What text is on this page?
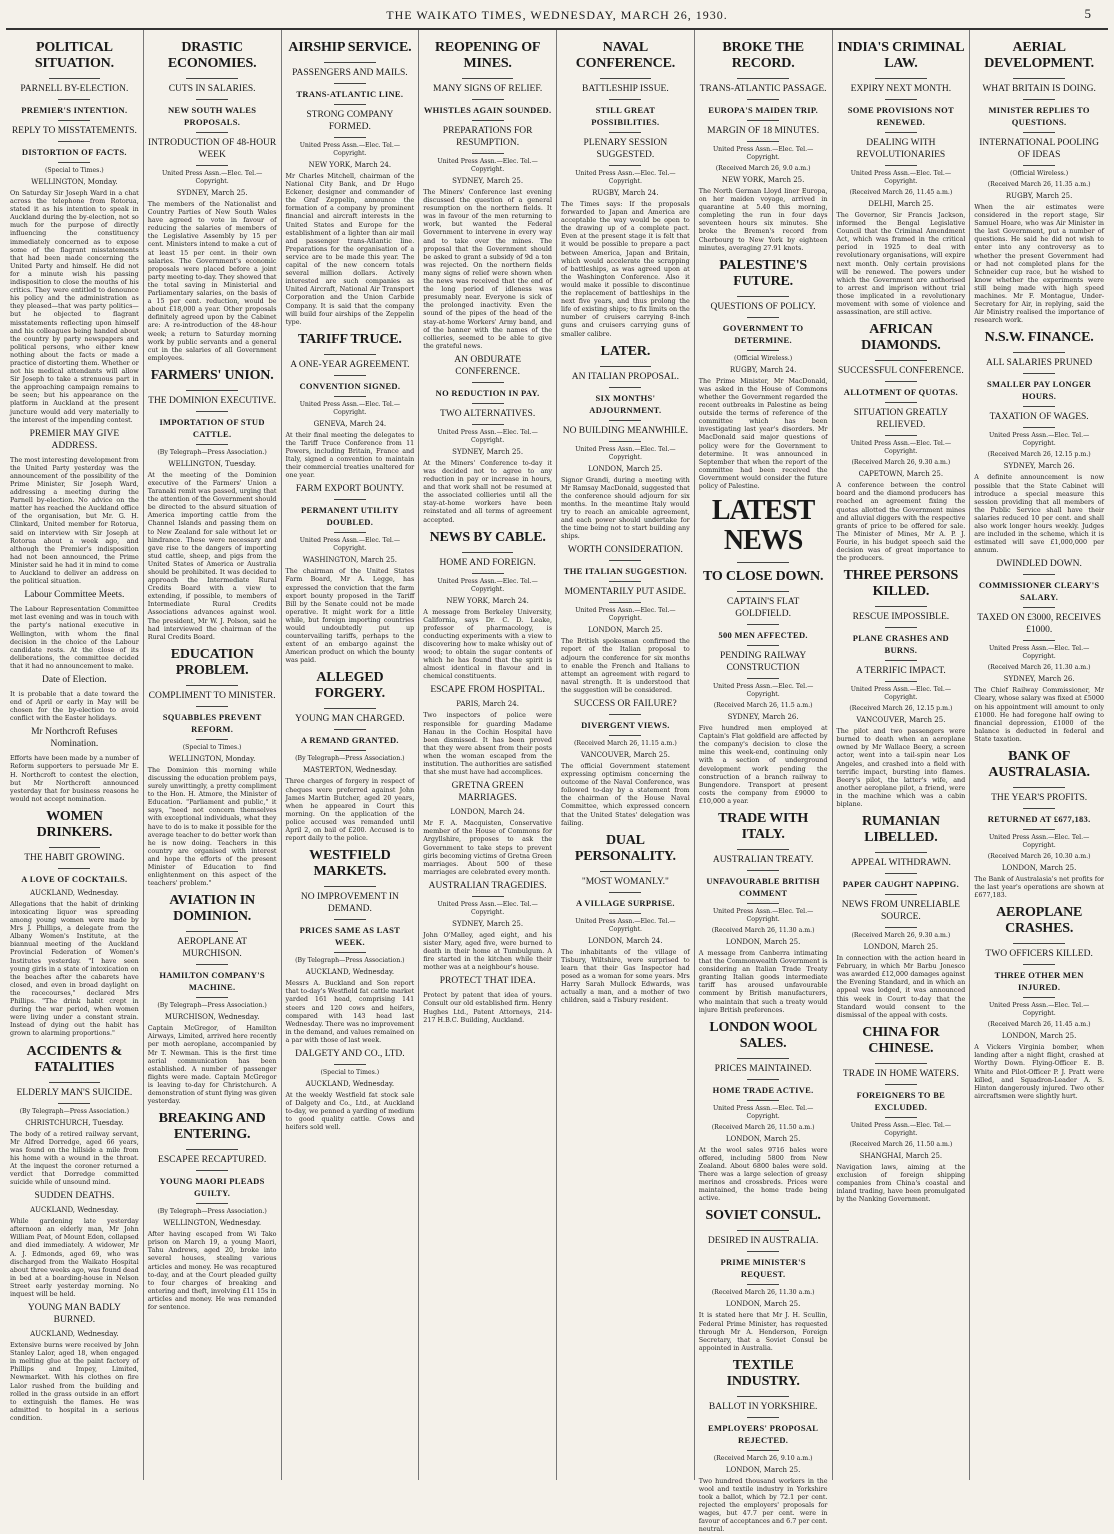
THE WAIKATO TIMES, WEDNESDAY, MARCH 26, 1930.	5
POLITICAL SITUATION.
PARNELL BY-ELECTION.
PREMIER'S INTENTION.
REPLY TO MISSTATEMENTS.
DISTORTION OF FACTS.
(Special to Times.)
WELLINGTON, Monday.

On Saturday Sir Joseph Ward in a chat across the telephone from Rotorua, stated it as his intention to speak in Auckland during the by-election, not so much for the purpose of directly influencing the constituency immediately concerned as to expose some of the flagrant misstatements that had been made concerning the United Party and himself. He did not for a minute wish his passing indisposition to close the mouths of his critics. They were entitled to denounce his policy and the administration as they pleased—that was party politics—but he objected to flagrant misstatements reflecting upon himself and his colleagues being handed about the country by party newspapers and political persons, who either knew nothing about the facts or made a practice of distorting them. Whether or not his medical attendants will allow Sir Joseph to take a strenuous part in the approaching campaign remains to be seen; but his appearance on the platform in Auckland at the present juncture would add very materially to the interest of the impending contest.

PREMIER MAY GIVE ADDRESS.

The most interesting development from the United Party yesterday was the announcement of the possibility of the Prime Minister, Sir Joseph Ward, addressing a meeting during the Parnell by-election. No advice on the matter has reached the Auckland office of the organisation, but Mr. G. H. Clinkard, United member for Rotorua, said on interview with Sir Joseph at Rotorua about a week ago, and although the Premier's indisposition had not been announced, the Prime Minister said he had it in mind to come to Auckland to deliver an address on the political situation.

Labour Committee Meets.

The Labour Representation Committee met last evening and was in touch with the party's national executive in Wellington, with whom the final decision in the choice of the Labour candidate rests. At the close of its deliberations, the committee decided that it had no announcement to make.

Date of Election.

It is probable that a date toward the end of April or early in May will be chosen for the by-election to avoid conflict with the Easter holidays.

Mr Northcroft Refuses Nomination.

Efforts have been made by a number of Reform supporters to persuade Mr E. H. Northcroft to contest the election, but Mr Northcroft announced yesterday that for business reasons he would not accept nomination.

WOMEN DRINKERS.
THE HABIT GROWING.
A LOVE OF COCKTAILS.
AUCKLAND, Wednesday.

Allegations that the habit of drinking intoxicating liquor was spreading among young women were made by Mrs J. Phillips, a delegate from the Albany Women's Institute, at the biannual meeting of the Auckland Provincial Federation of Women's Institutes yesterday. "I have seen young girls in a state of intoxication on the beaches after the cabarets have closed, and even in broad daylight on the racecourses," declared Mrs Phillips. "The drink habit crept in during the war period, when women were living under a constant strain. Instead of dying out the habit has grown to alarming proportions."

ACCIDENTS & FATALITIES
ELDERLY MAN'S SUICIDE.
(By Telegraph—Press Association.)
CHRISTCHURCH, Tuesday.

The body of a retired railway servant, Mr Alfred Dorredge, aged 66 years, was found on the hillside a mile from his home with a wound in the throat. At the inquest the coroner returned a verdict that Dorredge committed suicide while of unsound mind.

SUDDEN DEATHS.
AUCKLAND, Wednesday.

While gardening late yesterday afternoon an elderly man, Mr John William Peat, of Mount Eden, collapsed and died immediately. A widower, Mr A. J. Edmonds, aged 69, who was discharged from the Waikato Hospital about three weeks ago, was found dead in bed at a boarding-house in Nelson Street early yesterday morning. No inquest will be held.

YOUNG MAN BADLY BURNED.
AUCKLAND, Wednesday.

Extensive burns were received by John Stanley Lalor, aged 18, when engaged in melting glue at the paint factory of Phillips and Impey, Limited, Newmarket. With his clothes on fire Lalor rushed from the building and rolled in the grass outside in an effort to extinguish the flames. He was admitted to hospital in a serious condition.

DRASTIC ECONOMIES.
CUTS IN SALARIES.
NEW SOUTH WALES PROPOSALS.
INTRODUCTION OF 48-HOUR WEEK
United Press Assn.—Elec. Tel.—Copyright.
SYDNEY, March 25.

The members of the Nationalist and Country Parties of New South Wales have agreed to vote in favour of reducing the salaries of members of the Legislative Assembly by 15 per cent. Ministers intend to make a cut of at least 15 per cent. in their own salaries. The Government's economic proposals were placed before a joint party meeting to-day. They showed that the total saving in Ministerial and Parliamentary salaries, on the basis of a 15 per cent. reduction, would be about £18,000 a year. Other proposals definitely agreed upon by the Cabinet are: A re-introduction of the 48-hour week; a return to Saturday morning work by public servants and a general cut in the salaries of all Government employees.

FARMERS' UNION.
THE DOMINION EXECUTIVE.
IMPORTATION OF STUD CATTLE.
(By Telegraph—Press Association.)
WELLINGTON, Tuesday.

At the meeting of the Dominion executive of the Farmers' Union a Taranaki remit was passed, urging that the attention of the Government should be directed to the absurd situation of America importing cattle from the Channel Islands and passing them on to New Zealand for sale without let or hindrance. These were necessary and gave rise to the dangers of importing stud cattle, sheep, and pigs from the United States of America or Australia should be prohibited. It was decided to approach the Intermediate Rural Credits Board with a view to extending, if possible, to members of Intermediate Rural Credits Associations advances against wool. The president, Mr W. J. Polson, said he had interviewed the chairman of the Rural Credits Board.

EDUCATION PROBLEM.
COMPLIMENT TO MINISTER.
SQUABBLES PREVENT REFORM.
(Special to Times.)
WELLINGTON, Monday.

The Dominion this morning while discussing the education problem pays, surely unwittingly, a pretty compliment to the Hon. H. Atmore, the Minister of Education. "Parliament and public," it says, "need not concern themselves with exceptional individuals, what they have to do is to make it possible for the average teacher to do better work than he is now doing. Teachers in this country are organised with interest and hope the efforts of the present Minister of Education to find enlightenment on this aspect of the teachers' problem."

AVIATION IN DOMINION.
AEROPLANE AT MURCHISON.
HAMILTON COMPANY'S MACHINE.
(By Telegraph—Press Association.)
MURCHISON, Wednesday.

Captain McGregor, of Hamilton Airways, Limited, arrived here recently per moth aeroplane, accompanied by Mr T. Newman. This is the first time aerial communication has been established. A number of passenger flights were made. Captain McGregor is leaving to-day for Christchurch. A demonstration of stunt flying was given yesterday.

BREAKING AND ENTERING.
ESCAPEE RECAPTURED.
YOUNG MAORI PLEADS GUILTY.
(By Telegraph—Press Association.)
WELLINGTON, Wednesday.

After having escaped from Wi Tako prison on March 19, a young Maori, Tahu Andrews, aged 20, broke into several houses, stealing various articles and money. He was recaptured to-day, and at the Court pleaded guilty to four charges of breaking and entering and theft, involving £11 15s in articles and money. He was remanded for sentence.

AIRSHIP SERVICE.
PASSENGERS AND MAILS.
TRANS-ATLANTIC LINE.
STRONG COMPANY FORMED.
United Press Assn.—Elec. Tel.—Copyright.
NEW YORK, March 24.

Mr Charles Mitchell, chairman of the National City Bank, and Dr Hugo Eckener, designer and commander of the Graf Zeppelin, announce the formation of a company by prominent financial and aircraft interests in the United States and Europe for the establishment of a lighter than air mail and passenger trans-Atlantic line. Preparations for the organisation of a service are to be made this year. The capital of the new concern totals several million dollars. Actively interested are such companies as United Aircraft, National Air Transport Corporation and the Union Carbide Company. It is said that the company will build four airships of the Zeppelin type.

TARIFF TRUCE.
A ONE-YEAR AGREEMENT.
CONVENTION SIGNED.
United Press Assn.—Elec. Tel.—Copyright.
GENEVA, March 24.

At their final meeting the delegates to the Tariff Truce Conference from 11 Powers, including Britain, France and Italy, signed a convention to maintain their commercial treaties unaltered for one year.

FARM EXPORT BOUNTY.
PERMANENT UTILITY DOUBLED.
United Press Assn.—Elec. Tel.—Copyright.
WASHINGTON, March 25.

The chairman of the United States Farm Board, Mr A. Legge, has expressed the conviction that the farm export bounty proposed in the Tariff Bill by the Senate could not be made operative. It might work for a little while, but foreign importing countries would undoubtedly put up countervailing tariffs, perhaps to the extent of an embargo against the American product on which the bounty was paid.

ALLEGED FORGERY.
YOUNG MAN CHARGED.
A REMAND GRANTED.
(By Telegraph—Press Association.)
MASTERTON, Wednesday.

Three charges of forgery in respect of cheques were preferred against John James Martin Butcher, aged 20 years, when he appeared in Court this morning. On the application of the police accused was remanded until April 2, on bail of £200. Accused is to report daily to the police.

WESTFIELD MARKETS.
NO IMPROVEMENT IN DEMAND.
PRICES SAME AS LAST WEEK.
(By Telegraph—Press Association.)
AUCKLAND, Wednesday.

Messrs A. Buckland and Son report that to-day's Westfield fat cattle market yarded 161 head, comprising 141 steers and 120 cows and heifers, compared with 143 head last Wednesday. There was no improvement in the demand, and values remained on a par with those of last week.

DALGETY AND CO., LTD.
(Special to Times.)
AUCKLAND, Wednesday.

At the weekly Westfield fat stock sale of Dalgety and Co., Ltd., at Auckland to-day, we penned a yarding of medium to good quality cattle. Cows and heifers sold well.

REOPENING OF MINES.
MANY SIGNS OF RELIEF.
WHISTLES AGAIN SOUNDED.
PREPARATIONS FOR RESUMPTION.
United Press Assn.—Elec. Tel.—Copyright.
SYDNEY, March 25.

The Miners' Conference last evening discussed the question of a general resumption on the northern fields. It was in favour of the men returning to work, but wanted the Federal Government to intervene in every way and to take over the mines. The proposal that the Government should be asked to grant a subsidy of 9d a ton was rejected. On the northern fields many signs of relief were shown when the news was received that the end of the long period of idleness was presumably near. Everyone is sick of the prolonged inactivity. Even the sound of the pipes of the head of the stay-at-home Workers' Army band, and of the banner with the names of the collieries, seemed to be able to give the grateful news.

AN OBDURATE CONFERENCE.
NO REDUCTION IN PAY.
TWO ALTERNATIVES.
United Press Assn.—Elec. Tel.—Copyright.
SYDNEY, March 25.

At the Miners' Conference to-day it was decided not to agree to any reduction in pay or increase in hours, and that work shall not be resumed at the associated collieries until all the stay-at-home workers have been reinstated and all terms of agreement accepted.

NEWS BY CABLE.
HOME AND FOREIGN.
United Press Assn.—Elec. Tel.—Copyright.
NEW YORK, March 24.

A message from Berkeley University, California, says Dr. C. D. Leake, professor of pharmacology, is conducting experiments with a view to discovering how to make whisky out of wood; to obtain the sugar contents of which he has found that the spirit is almost identical in flavour and in chemical constituents.

ESCAPE FROM HOSPITAL.
PARIS, March 24.

Two inspectors of police were responsible for guarding Madame Hanau in the Cochin Hospital have been dismissed. It has been proved that they were absent from their posts when the woman escaped from the institution. The authorities are satisfied that she must have had accomplices.

GRETNA GREEN MARRIAGES.
LONDON, March 24.

Mr F. A. Macquisten, Conservative member of the House of Commons for Argyllshire, proposes to ask the Government to take steps to prevent girls becoming victims of Gretna Green marriages. About 500 of these marriages are celebrated every month.

AUSTRALIAN TRAGEDIES.
United Press Assn.—Elec. Tel.—Copyright.
SYDNEY, March 25.

John O'Malley, aged eight, and his sister Mary, aged five, were burned to death in their home at Tumbulgum. A fire started in the kitchen while their mother was at a neighbour's house.

PROTECT THAT IDEA.

Protect by patent that idea of yours. Consult our old established firm. Henry Hughes Ltd., Patent Attorneys, 214-217 H.B.C. Building, Auckland.

NAVAL CONFERENCE.
BATTLESHIP ISSUE.
STILL GREAT POSSIBILITIES.
PLENARY SESSION SUGGESTED.
United Press Assn.—Elec. Tel.—Copyright.
RUGBY, March 24.

The Times says: If the proposals forwarded to Japan and America are acceptable the way would be open to the drawing up of a complete pact. Even at the present stage it is felt that it would be possible to prepare a pact between America, Japan and Britain, which would accelerate the scrapping of battleships, as was agreed upon at the Washington Conference. Also it would make it possible to discontinue the replacement of battleships in the next five years, and thus prolong the life of existing ships; to fix limits on the number of cruisers carrying 8-inch guns and cruisers carrying guns of smaller calibre.

LATER.
AN ITALIAN PROPOSAL.
SIX MONTHS' ADJOURNMENT.
NO BUILDING MEANWHILE.
United Press Assn.—Elec. Tel.—Copyright.
LONDON, March 25.

Signor Grandi, during a meeting with Mr Ramsay MacDonald, suggested that the conference should adjourn for six months. In the meantime Italy would try to reach an amicable agreement, and each power should undertake for the time being not to start building any ships.

WORTH CONSIDERATION.
THE ITALIAN SUGGESTION.
MOMENTARILY PUT ASIDE.
United Press Assn.—Elec. Tel.—Copyright.
LONDON, March 25.

The British spokesman confirmed the report of the Italian proposal to adjourn the conference for six months to enable the French and Italians to attempt an agreement with regard to naval strength. It is understood that the suggestion will be considered.

SUCCESS OR FAILURE?
DIVERGENT VIEWS.
(Received March 26, 11.15 a.m.)
VANCOUVER, March 25.

The official Government statement expressing optimism concerning the outcome of the Naval Conference, was followed to-day by a statement from the chairman of the House Naval Committee, which expressed concern that the United States' delegation was failing.

DUAL PERSONALITY.
"MOST WOMANLY."
A VILLAGE SURPRISE.
United Press Assn.—Elec. Tel.—Copyright.
LONDON, March 24.

The inhabitants of the village of Tisbury, Wiltshire, were surprised to learn that their Gas Inspector had posed as a woman for some years. Mrs Harry Sarah Mullock Edwards, was actually a man, and a mother of two children, said a Tisbury resident.

BROKE THE RECORD.
TRANS-ATLANTIC PASSAGE.
EUROPA'S MAIDEN TRIP.
MARGIN OF 18 MINUTES.
United Press Assn.—Elec. Tel.—Copyright.
(Received March 26, 9.0 a.m.)
NEW YORK, March 25.

The North German Lloyd liner Europa, on her maiden voyage, arrived in quarantine at 5.40 this morning, completing the run in four days seventeen hours six minutes. She broke the Bremen's record from Cherbourg to New York by eighteen minutes, averaging 27.91 knots.

PALESTINE'S FUTURE.
QUESTIONS OF POLICY.
GOVERNMENT TO DETERMINE.
(Official Wireless.)
RUGBY, March 24.

The Prime Minister, Mr MacDonald, was asked in the House of Commons whether the Government regarded the recent outbreaks in Palestine as being outside the terms of reference of the committee which has been investigating last year's disorders. Mr MacDonald said major questions of policy were for the Government to determine. It was announced in September that when the report of the committee had been received the Government would consider the future policy of Palestine.

LATEST NEWS
TO CLOSE DOWN.
CAPTAIN'S FLAT GOLDFIELD.
500 MEN AFFECTED.
PENDING RAILWAY CONSTRUCTION
United Press Assn.—Elec. Tel.—Copyright.
(Received March 26, 11.5 a.m.)
SYDNEY, March 26.

Five hundred men employed at Captain's Flat goldfield are affected by the company's decision to close the mine this week-end, continuing only with a section of underground development work pending the construction of a branch railway to Bungendore. Transport at present costs the company from £9000 to £10,000 a year.

TRADE WITH ITALY.
AUSTRALIAN TREATY.
UNFAVOURABLE BRITISH COMMENT
United Press Assn.—Elec. Tel.—Copyright.
(Received March 26, 11.30 a.m.)
LONDON, March 25.

A message from Canberra intimating that the Commonwealth Government is considering an Italian Trade Treaty granting Italian goods intermediate tariff has aroused unfavourable comment by British manufacturers, who maintain that such a treaty would injure British preferences.

LONDON WOOL SALES.
PRICES MAINTAINED.
HOME TRADE ACTIVE.
United Press Assn.—Elec. Tel.—Copyright.
(Received March 26, 11.50 a.m.)
LONDON, March 25.

At the wool sales 9716 bales were offered, including 5800 from New Zealand. About 6800 bales were sold. There was a large selection of greasy merinos and crossbreds. Prices were maintained, the home trade being active.

SOVIET CONSUL.
DESIRED IN AUSTRALIA.
PRIME MINISTER'S REQUEST.
(Received March 26, 11.30 a.m.)
LONDON, March 25.

It is stated here that Mr J. H. Scullin, Federal Prime Minister, has requested through Mr A. Henderson, Foreign Secretary, that a Soviet Consul be appointed in Australia.

TEXTILE INDUSTRY.
BALLOT IN YORKSHIRE.
EMPLOYERS' PROPOSAL REJECTED.
(Received March 26, 9.10 a.m.)
LONDON, March 25.

Two hundred thousand workers in the wool and textile industry in Yorkshire took a ballot, which by 72.1 per cent. rejected the employers' proposals for wages, but 47.7 per cent. were in favour of acceptances and 6.7 per cent. neutral.

INDIA'S CRIMINAL LAW.
EXPIRY NEXT MONTH.
SOME PROVISIONS NOT RENEWED.
DEALING WITH REVOLUTIONARIES
United Press Assn.—Elec. Tel.—Copyright.
(Received March 26, 11.45 a.m.)
DELHI, March 25.

The Governor, Sir Francis Jackson, informed the Bengal Legislative Council that the Criminal Amendment Act, which was framed in the critical period in 1925 to deal with revolutionary organisations, will expire next month. Only certain provisions will be renewed. The powers under which the Government are authorised to arrest and imprison without trial those implicated in a revolutionary movement with some of violence and assassination, are still active.

AFRICAN DIAMONDS.
SUCCESSFUL CONFERENCE.
ALLOTMENT OF QUOTAS.
SITUATION GREATLY RELIEVED.
United Press Assn.—Elec. Tel.—Copyright.
(Received March 26, 9.30 a.m.)
CAPETOWN, March 25.

A conference between the control board and the diamond producers has reached an agreement fixing the quotas allotted the Government mines and alluvial diggers with the respective grants of price to be offered for sale. The Minister of Mines, Mr A. P. J. Fourie, in his budget speech said the decision was of great importance to the producers.

THREE PERSONS KILLED.
RESCUE IMPOSSIBLE.
PLANE CRASHES AND BURNS.
A TERRIFIC IMPACT.
United Press Assn.—Elec. Tel.—Copyright.
(Received March 26, 12.15 p.m.)
VANCOUVER, March 25.

The pilot and two passengers were burned to death when an aeroplane owned by Mr Wallace Beery, a screen actor, went into a tail-spin near Los Angeles, and crashed into a field with terrific impact, bursting into flames. Beery's pilot, the latter's wife, and another aeroplane pilot, a friend, were in the machine which was a cabin biplane.

RUMANIAN LIBELLED.
APPEAL WITHDRAWN.
PAPER CAUGHT NAPPING.
NEWS FROM UNRELIABLE SOURCE.
(Received March 26, 9.30 a.m.)
LONDON, March 25.

In connection with the action heard in February, in which Mr Barbu Jonesco was awarded £12,000 damages against the Evening Standard, and in which an appeal was lodged, it was announced this week in Court to-day that the Standard would consent to the dismissal of the appeal with costs.

CHINA FOR CHINESE.
TRADE IN HOME WATERS.
FOREIGNERS TO BE EXCLUDED.
United Press Assn.—Elec. Tel.—Copyright.
(Received March 26, 11.50 a.m.)
SHANGHAI, March 25.

Navigation laws, aiming at the exclusion of foreign shipping companies from China's coastal and inland trading, have been promulgated by the Nanking Government.

AERIAL DEVELOPMENT.
WHAT BRITAIN IS DOING.
MINISTER REPLIES TO QUESTIONS.
INTERNATIONAL POOLING OF IDEAS
(Official Wireless.)
(Received March 26, 11.35 a.m.)
RUGBY, March 25.

When the air estimates were considered in the report stage, Sir Samuel Hoare, who was Air Minister in the last Government, put a number of questions. He said he did not wish to enter into any controversy as to whether the present Government had or had not completed plans for the Schneider cup race, but he wished to know whether the experiments were still being made with high speed machines. Mr F. Montague, Under-Secretary for Air, in replying, said the Air Ministry realised the importance of research work.

N.S.W. FINANCE.
ALL SALARIES PRUNED
SMALLER PAY LONGER HOURS.
TAXATION OF WAGES.
United Press Assn.—Elec. Tel.—Copyright.
(Received March 26, 12.15 p.m.)
SYDNEY, March 26.

A definite announcement is now possible that the State Cabinet will introduce a special measure this session providing that all members of the Public Service shall have their salaries reduced 10 per cent. and shall also work longer hours weekly. Judges are included in the scheme, which it is estimated will save £1,000,000 per annum.

DWINDLED DOWN.
COMMISSIONER CLEARY'S SALARY.
TAXED ON £3000, RECEIVES £1000.
United Press Assn.—Elec. Tel.—Copyright.
(Received March 26, 11.30 a.m.)
SYDNEY, March 26.

The Chief Railway Commissioner, Mr Cleary, whose salary was fixed at £5000 on his appointment will amount to only £1000. He had foregone half owing to financial depression, £1000 of the balance is deducted in federal and State taxation.

BANK OF AUSTRALASIA.
THE YEAR'S PROFITS.
RETURNED AT £677,183.
United Press Assn.—Elec. Tel.—Copyright.
(Received March 26, 10.30 a.m.)
LONDON, March 25.

The Bank of Australasia's net profits for the last year's operations are shown at £677,183.

AEROPLANE CRASHES.
TWO OFFICERS KILLED.
THREE OTHER MEN INJURED.
United Press Assn.—Elec. Tel.—Copyright.
(Received March 26, 11.45 a.m.)
LONDON, March 25.

A Vickers Virginia bomber, when landing after a night flight, crashed at Worthy Down. Flying-Officer E. B. White and Pilot-Officer P. J. Pratt were killed, and Squadron-Leader A. S. Hinton dangerously injured. Two other aircraftsmen were slightly hurt.
